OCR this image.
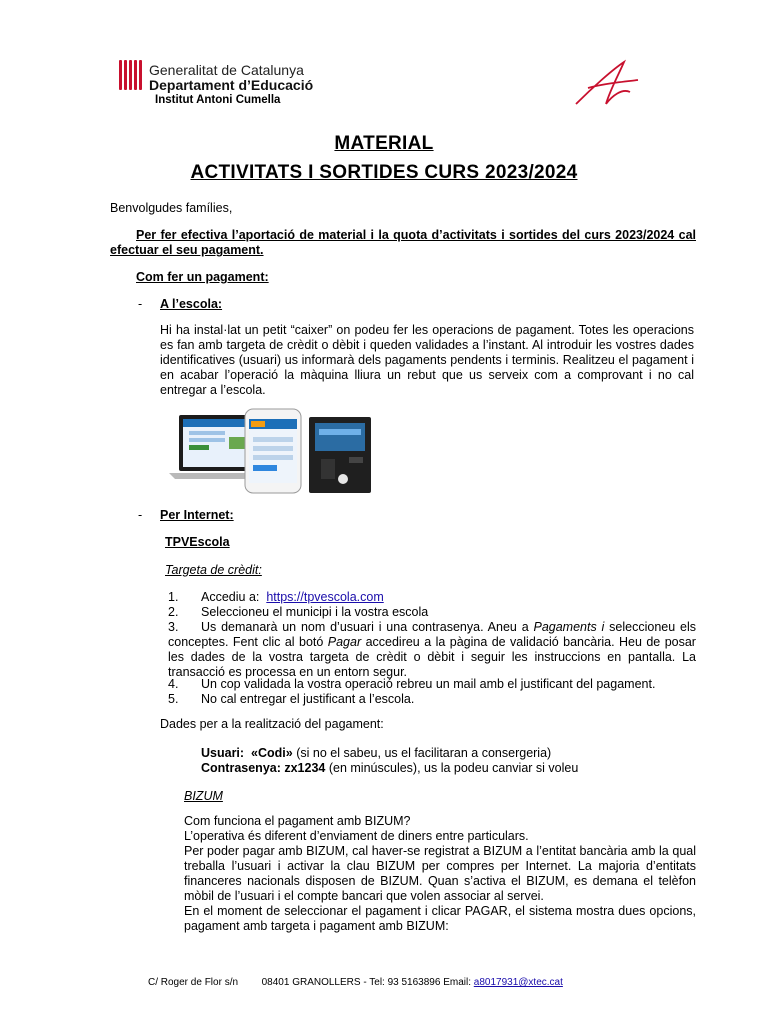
Generalitat de Catalunya
Departament d’Educació
Institut Antoni Cumella
MATERIAL
ACTIVITATS I SORTIDES CURS 2023/2024
Benvolgudes famílies,
Per fer efectiva l’aportació de material i la quota d’activitats i sortides del curs 2023/2024 cal efectuar el seu pagament.
Com fer un pagament:
- A l’escola:
Hi ha instal·lat un petit “caixer” on podeu fer les operacions de pagament. Totes les operacions es fan amb targeta de crèdit o dèbit i queden validades a l’instant. Al introduir les vostres dades identificatives (usuari) us informarà dels pagaments pendents i terminis. Realitzeu el pagament i en acabar l’operació la màquina lliura un rebut que us serveix com a comprovant i no cal entregar a l’escola.
- Per Internet:
TPVEscola
Targeta de crèdit:
1. Accediu a: https://tpvescola.com
2. Seleccioneu el municipi i la vostra escola
3.	Us demanarà un nom d’usuari i una contrasenya. Aneu a Pagaments i seleccioneu els conceptes. Fent clic al botó Pagar accedireu a la pàgina de validació bancària. Heu de posar les dades de la vostra targeta de crèdit o dèbit i seguir les instruccions en pantalla. La transacció es processa en un entorn segur.
4. Un cop validada la vostra operació rebreu un mail amb el justificant del pagament.
5. No cal entregar el justificant a l’escola.
Dades per a la realització del pagament:
Usuari: «Codi» (si no el sabeu, us el facilitaran a consergeria)
Contrasenya: zx1234 (en minúscules), us la podeu canviar si voleu
BIZUM
Com funciona el pagament amb BIZUM?
L’operativa és diferent d’enviament de diners entre particulars.
Per poder pagar amb BIZUM, cal haver-se registrat a BIZUM a l’entitat bancària amb la qual treballa l’usuari i activar la clau BIZUM per compres per Internet. La majoria d’entitats financeres nacionals disposen de BIZUM. Quan s’activa el BIZUM, es demana el telèfon mòbil de l’usuari i el compte bancari que volen associar al servei.
En el moment de seleccionar el pagament i clicar PAGAR, el sistema mostra dues opcions, pagament amb targeta i pagament amb BIZUM:
C/ Roger de Flor s/n 08401 GRANOLLERS - Tel: 93 5163896 Email: a8017931@xtec.cat
